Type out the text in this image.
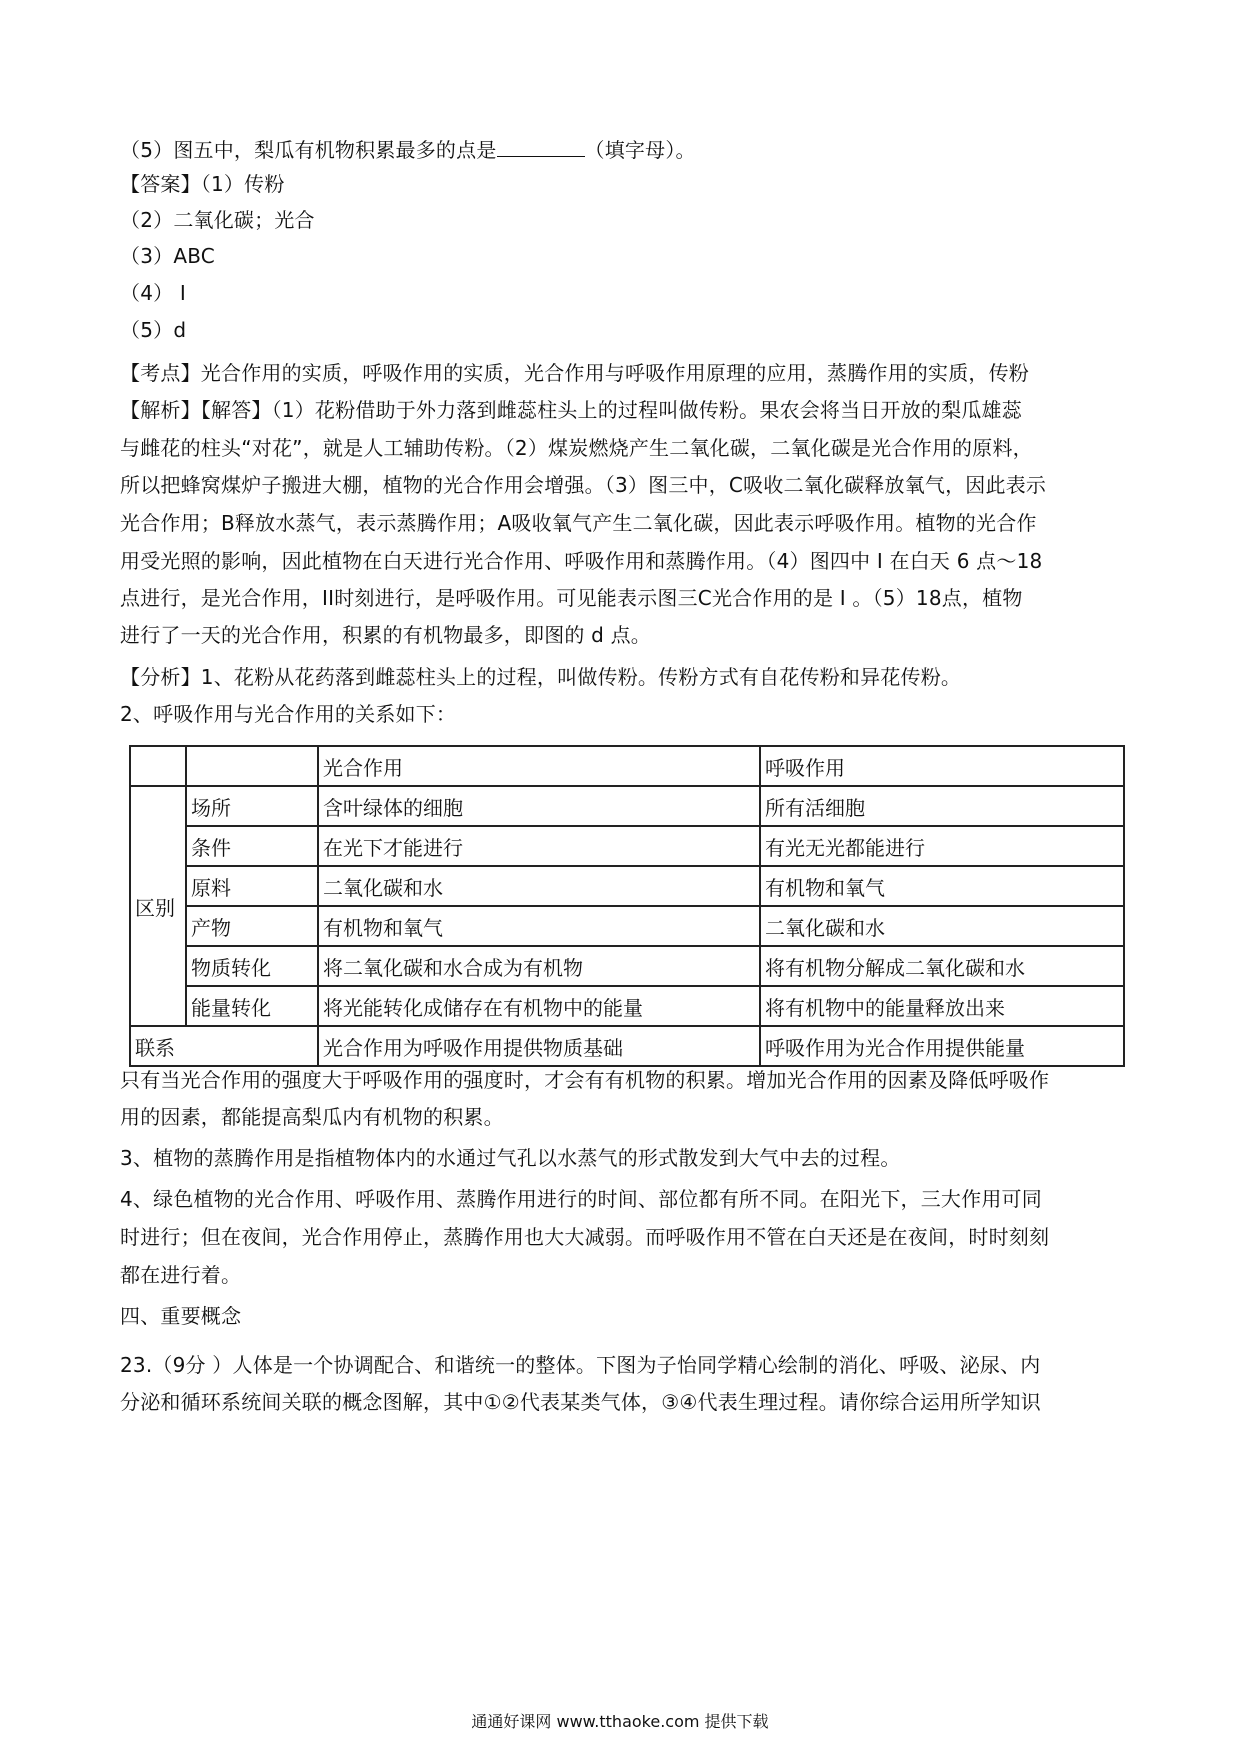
（5）图五中，梨瓜有机物积累最多的点是	（填字母）。
【答案】（1）传粉
（2）二氧化碳；光合
（3）ABC
（4） I
（5）d
【考点】光合作用的实质，呼吸作用的实质，光合作用与呼吸作用原理的应用，蒸腾作用的实质，传粉
【解析】【解答】（1）花粉借助于外力落到雌蕊柱头上的过程叫做传粉。果农会将当日开放的梨瓜雄蕊
与雌花的柱头“对花”，就是人工辅助传粉。（2）煤炭燃烧产生二氧化碳，二氧化碳是光合作用的原料，
所以把蜂窝煤炉子搬进大棚，植物的光合作用会增强。（3）图三中，C吸收二氧化碳释放氧气，因此表示
光合作用；B释放水蒸气，表示蒸腾作用；A吸收氧气产生二氧化碳，因此表示呼吸作用。植物的光合作
用受光照的影响，因此植物在白天进行光合作用、呼吸作用和蒸腾作用。（4）图四中 I 在白天 6 点～18
点进行，是光合作用，II时刻进行，是呼吸作用。可见能表示图三C光合作用的是 I 。（5）18点，植物
进行了一天的光合作用，积累的有机物最多，即图的 d 点。
【分析】1、花粉从花药落到雌蕊柱头上的过程，叫做传粉。传粉方式有自花传粉和异花传粉。
2、呼吸作用与光合作用的关系如下：
		光合作用	呼吸作用
区别	场所	含叶绿体的细胞	所有活细胞
	条件	在光下才能进行	有光无光都能进行
	原料	二氧化碳和水	有机物和氧气
	产物	有机物和氧气	二氧化碳和水
	物质转化	将二氧化碳和水合成为有机物	将有机物分解成二氧化碳和水
	能量转化	将光能转化成储存在有机物中的能量	将有机物中的能量释放出来
联系		光合作用为呼吸作用提供物质基础	呼吸作用为光合作用提供能量
只有当光合作用的强度大于呼吸作用的强度时，才会有有机物的积累。增加光合作用的因素及降低呼吸作
用的因素，都能提高梨瓜内有机物的积累。
3、植物的蒸腾作用是指植物体内的水通过气孔以水蒸气的形式散发到大气中去的过程。
4、绿色植物的光合作用、呼吸作用、蒸腾作用进行的时间、部位都有所不同。在阳光下，三大作用可同
时进行；但在夜间，光合作用停止，蒸腾作用也大大减弱。而呼吸作用不管在白天还是在夜间，时时刻刻
都在进行着。
四、重要概念
23.（9分 ）人体是一个协调配合、和谐统一的整体。下图为子怡同学精心绘制的消化、呼吸、泌尿、内
分泌和循环系统间关联的概念图解，其中①②代表某类气体，③④代表生理过程。请你综合运用所学知识
通通好课网 www.tthaoke.com 提供下载
